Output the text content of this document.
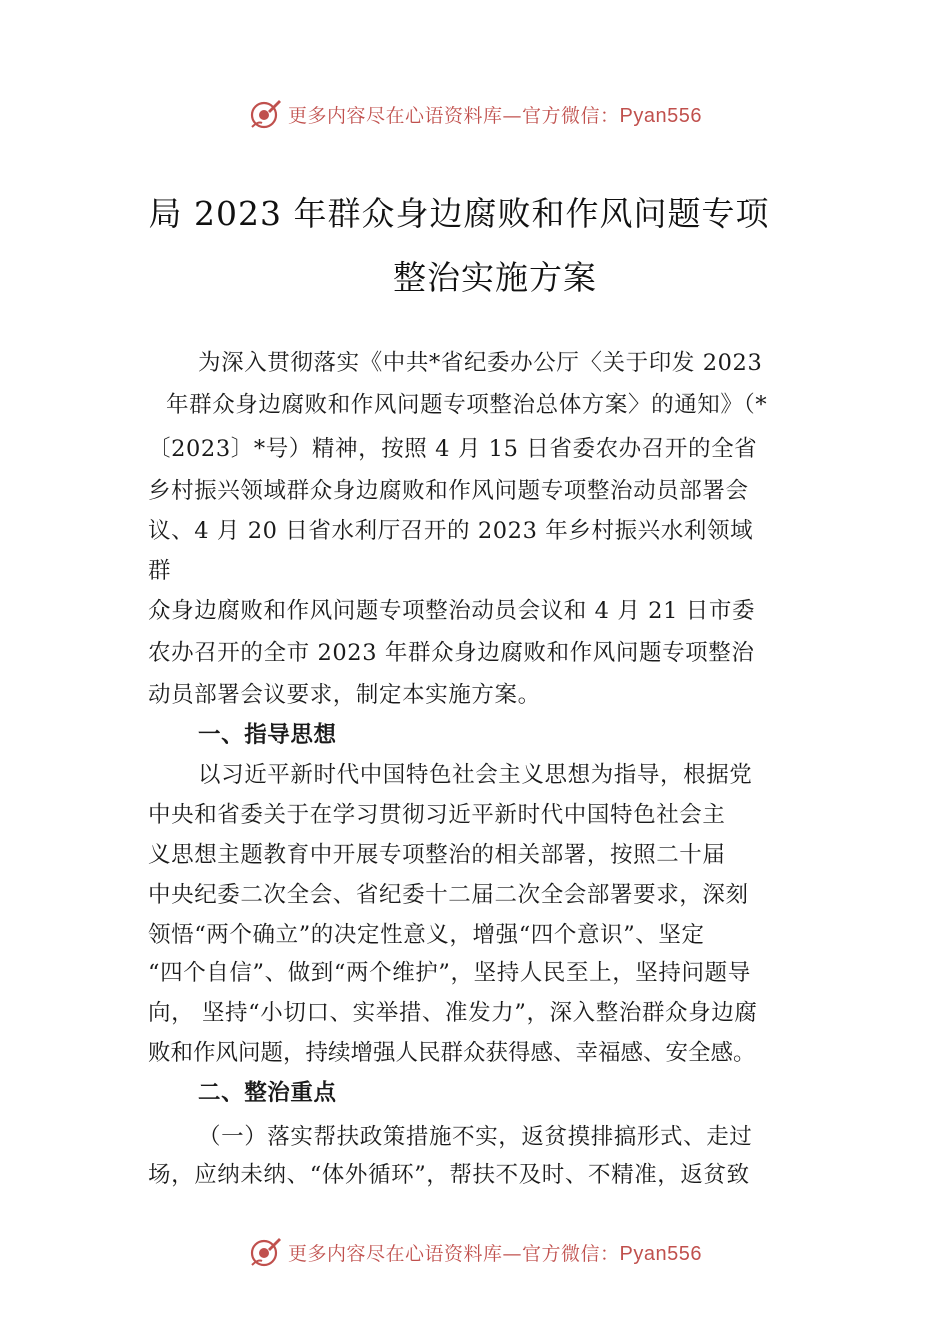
更多内容尽在心语资料库—官方微信：Pyan556
局 2023 年群众身边腐败和作风问题专项
整治实施方案
为深入贯彻落实《中共*省纪委办公厅〈关于印发 2023
年群众身边腐败和作风问题专项整治总体方案〉的通知》（*
〔2023〕*号）精神，按照 4 月 15 日省委农办召开的全省
乡村振兴领域群众身边腐败和作风问题专项整治动员部署会
议、4 月 20 日省水利厅召开的 2023 年乡村振兴水利领域
群
众身边腐败和作风问题专项整治动员会议和 4 月 21 日市委
农办召开的全市 2023 年群众身边腐败和作风问题专项整治
动员部署会议要求，制定本实施方案。
一、指导思想
以习近平新时代中国特色社会主义思想为指导，根据党
中央和省委关于在学习贯彻习近平新时代中国特色社会主
义思想主题教育中开展专项整治的相关部署，按照二十届
中央纪委二次全会、省纪委十二届二次全会部署要求，深刻
领悟“两个确立”的决定性意义，增强“四个意识”、坚定
“四个自信”、做到“两个维护”，坚持人民至上，坚持问题导
向， 坚持“小切口、实举措、准发力”，深入整治群众身边腐
败和作风问题，持续增强人民群众获得感、幸福感、安全感。
二、整治重点
（一）落实帮扶政策措施不实，返贫摸排搞形式、走过
场，应纳未纳、“体外循环”，帮扶不及时、不精准，返贫致
更多内容尽在心语资料库—官方微信：Pyan556
